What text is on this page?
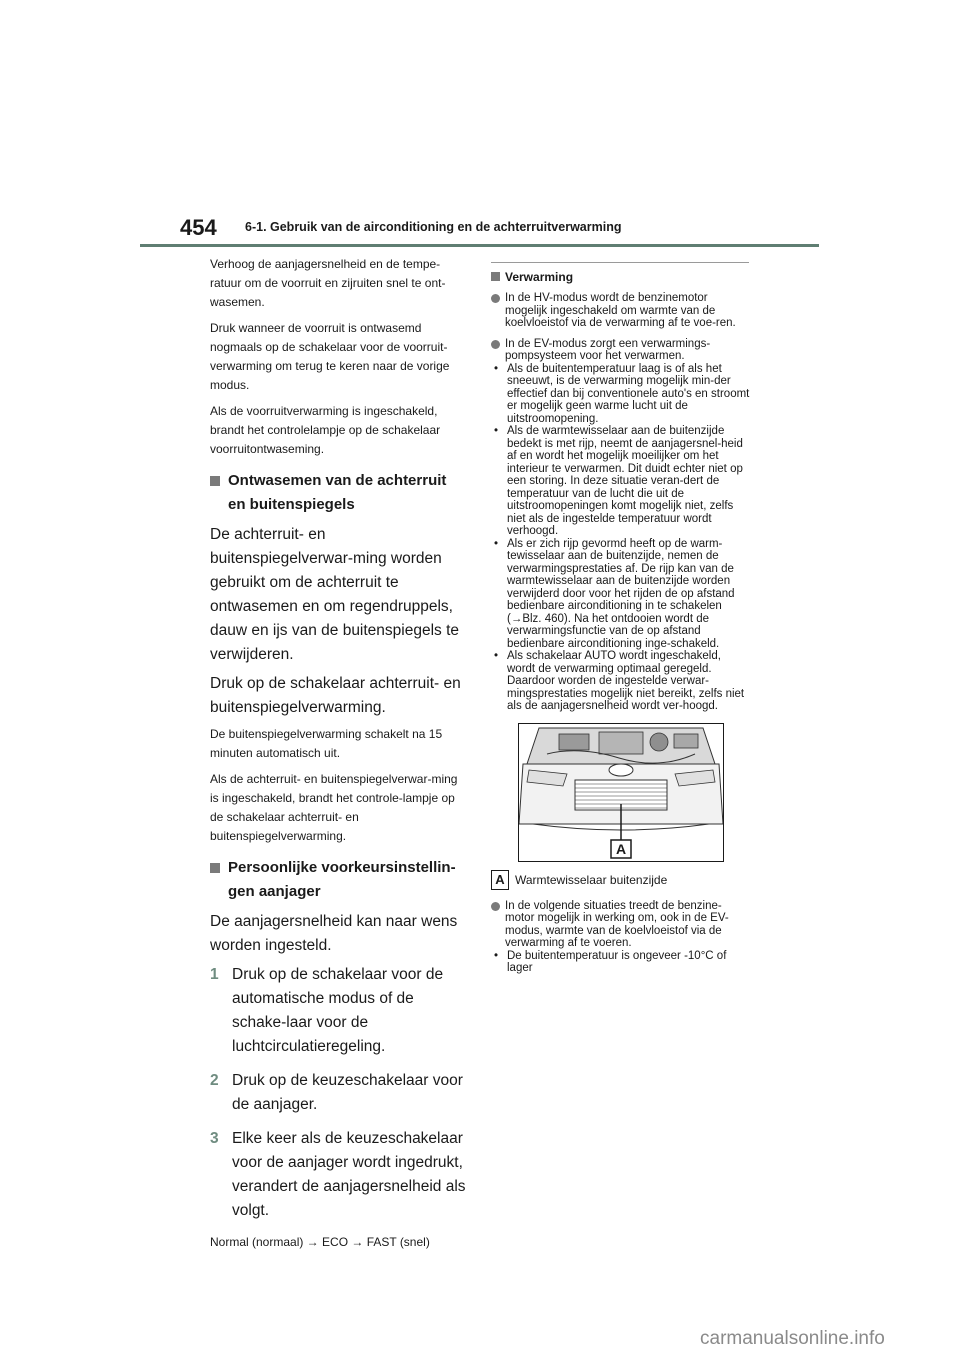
454 6-1. Gebruik van de airconditioning en de achterruitverwarming

Verhoog de aanjagersnelheid en de tempe-ratuur om de voorruit en zijruiten snel te ont-wasemen.

Druk wanneer de voorruit is ontwasemd nogmaals op de schakelaar voor de voorruit-verwarming om terug te keren naar de vorige modus.

Als de voorruitverwarming is ingeschakeld, brandt het controlelampje op de schakelaar voorruitontwaseming.

Ontwasemen van de achterruit en buitenspiegels

De achterruit- en buitenspiegelverwar-ming worden gebruikt om de achterruit te ontwasemen en om regendruppels, dauw en ijs van de buitenspiegels te verwijderen.

Druk op de schakelaar achterruit- en buitenspiegelverwarming.

De buitenspiegelverwarming schakelt na 15 minuten automatisch uit.

Als de achterruit- en buitenspiegelverwar-ming is ingeschakeld, brandt het controle-lampje op de schakelaar achterruit- en buitenspiegelverwarming.

Persoonlijke voorkeursinstellin-gen aanjager

De aanjagersnelheid kan naar wens worden ingesteld.

1 Druk op de schakelaar voor de automatische modus of de schake-laar voor de luchtcirculatieregeling.
2 Druk op de keuzeschakelaar voor de aanjager.
3 Elke keer als de keuzeschakelaar voor de aanjager wordt ingedrukt, verandert de aanjagersnelheid als volgt.

Normal (normaal) → ECO → FAST (snel)

Verwarming
In de HV-modus wordt de benzinemotor mogelijk ingeschakeld om warmte van de koelvloeistof via de verwarming af te voe-ren.
In de EV-modus zorgt een verwarmings-pompsysteem voor het verwarmen.
• Als de buitentemperatuur laag is of als het sneeuwt, is de verwarming mogelijk min-der effectief dan bij conventionele auto's en stroomt er mogelijk geen warme lucht uit de uitstroomopening.
• Als de warmtewisselaar aan de buitenzijde bedekt is met rijp, neemt de aanjagersnel-heid af en wordt het mogelijk moeilijker om het interieur te verwarmen. Dit duidt echter niet op een storing. In deze situatie veran-dert de temperatuur van de lucht die uit de uitstroomopeningen komt mogelijk niet, zelfs niet als de ingestelde temperatuur wordt verhoogd.
• Als er zich rijp gevormd heeft op de warm-tewisselaar aan de buitenzijde, nemen de verwarmingsprestaties af. De rijp kan van de warmtewisselaar aan de buitenzijde worden verwijderd door voor het rijden de op afstand bedienbare airconditioning in te schakelen (→Blz. 460). Na het ontdooien wordt de verwarmingsfunctie van de op afstand bedienbare airconditioning inge-schakeld.
• Als schakelaar AUTO wordt ingeschakeld, wordt de verwarming optimaal geregeld. Daardoor worden de ingestelde verwar-mingsprestaties mogelijk niet bereikt, zelfs niet als de aanjagersnelheid wordt ver-hoogd.
A
A Warmtewisselaar buitenzijde
In de volgende situaties treedt de benzine-motor mogelijk in werking om, ook in de EV-modus, warmte van de koelvloeistof via de verwarming af te voeren.
• De buitentemperatuur is ongeveer -10°C of lager
carmanualsonline.info
